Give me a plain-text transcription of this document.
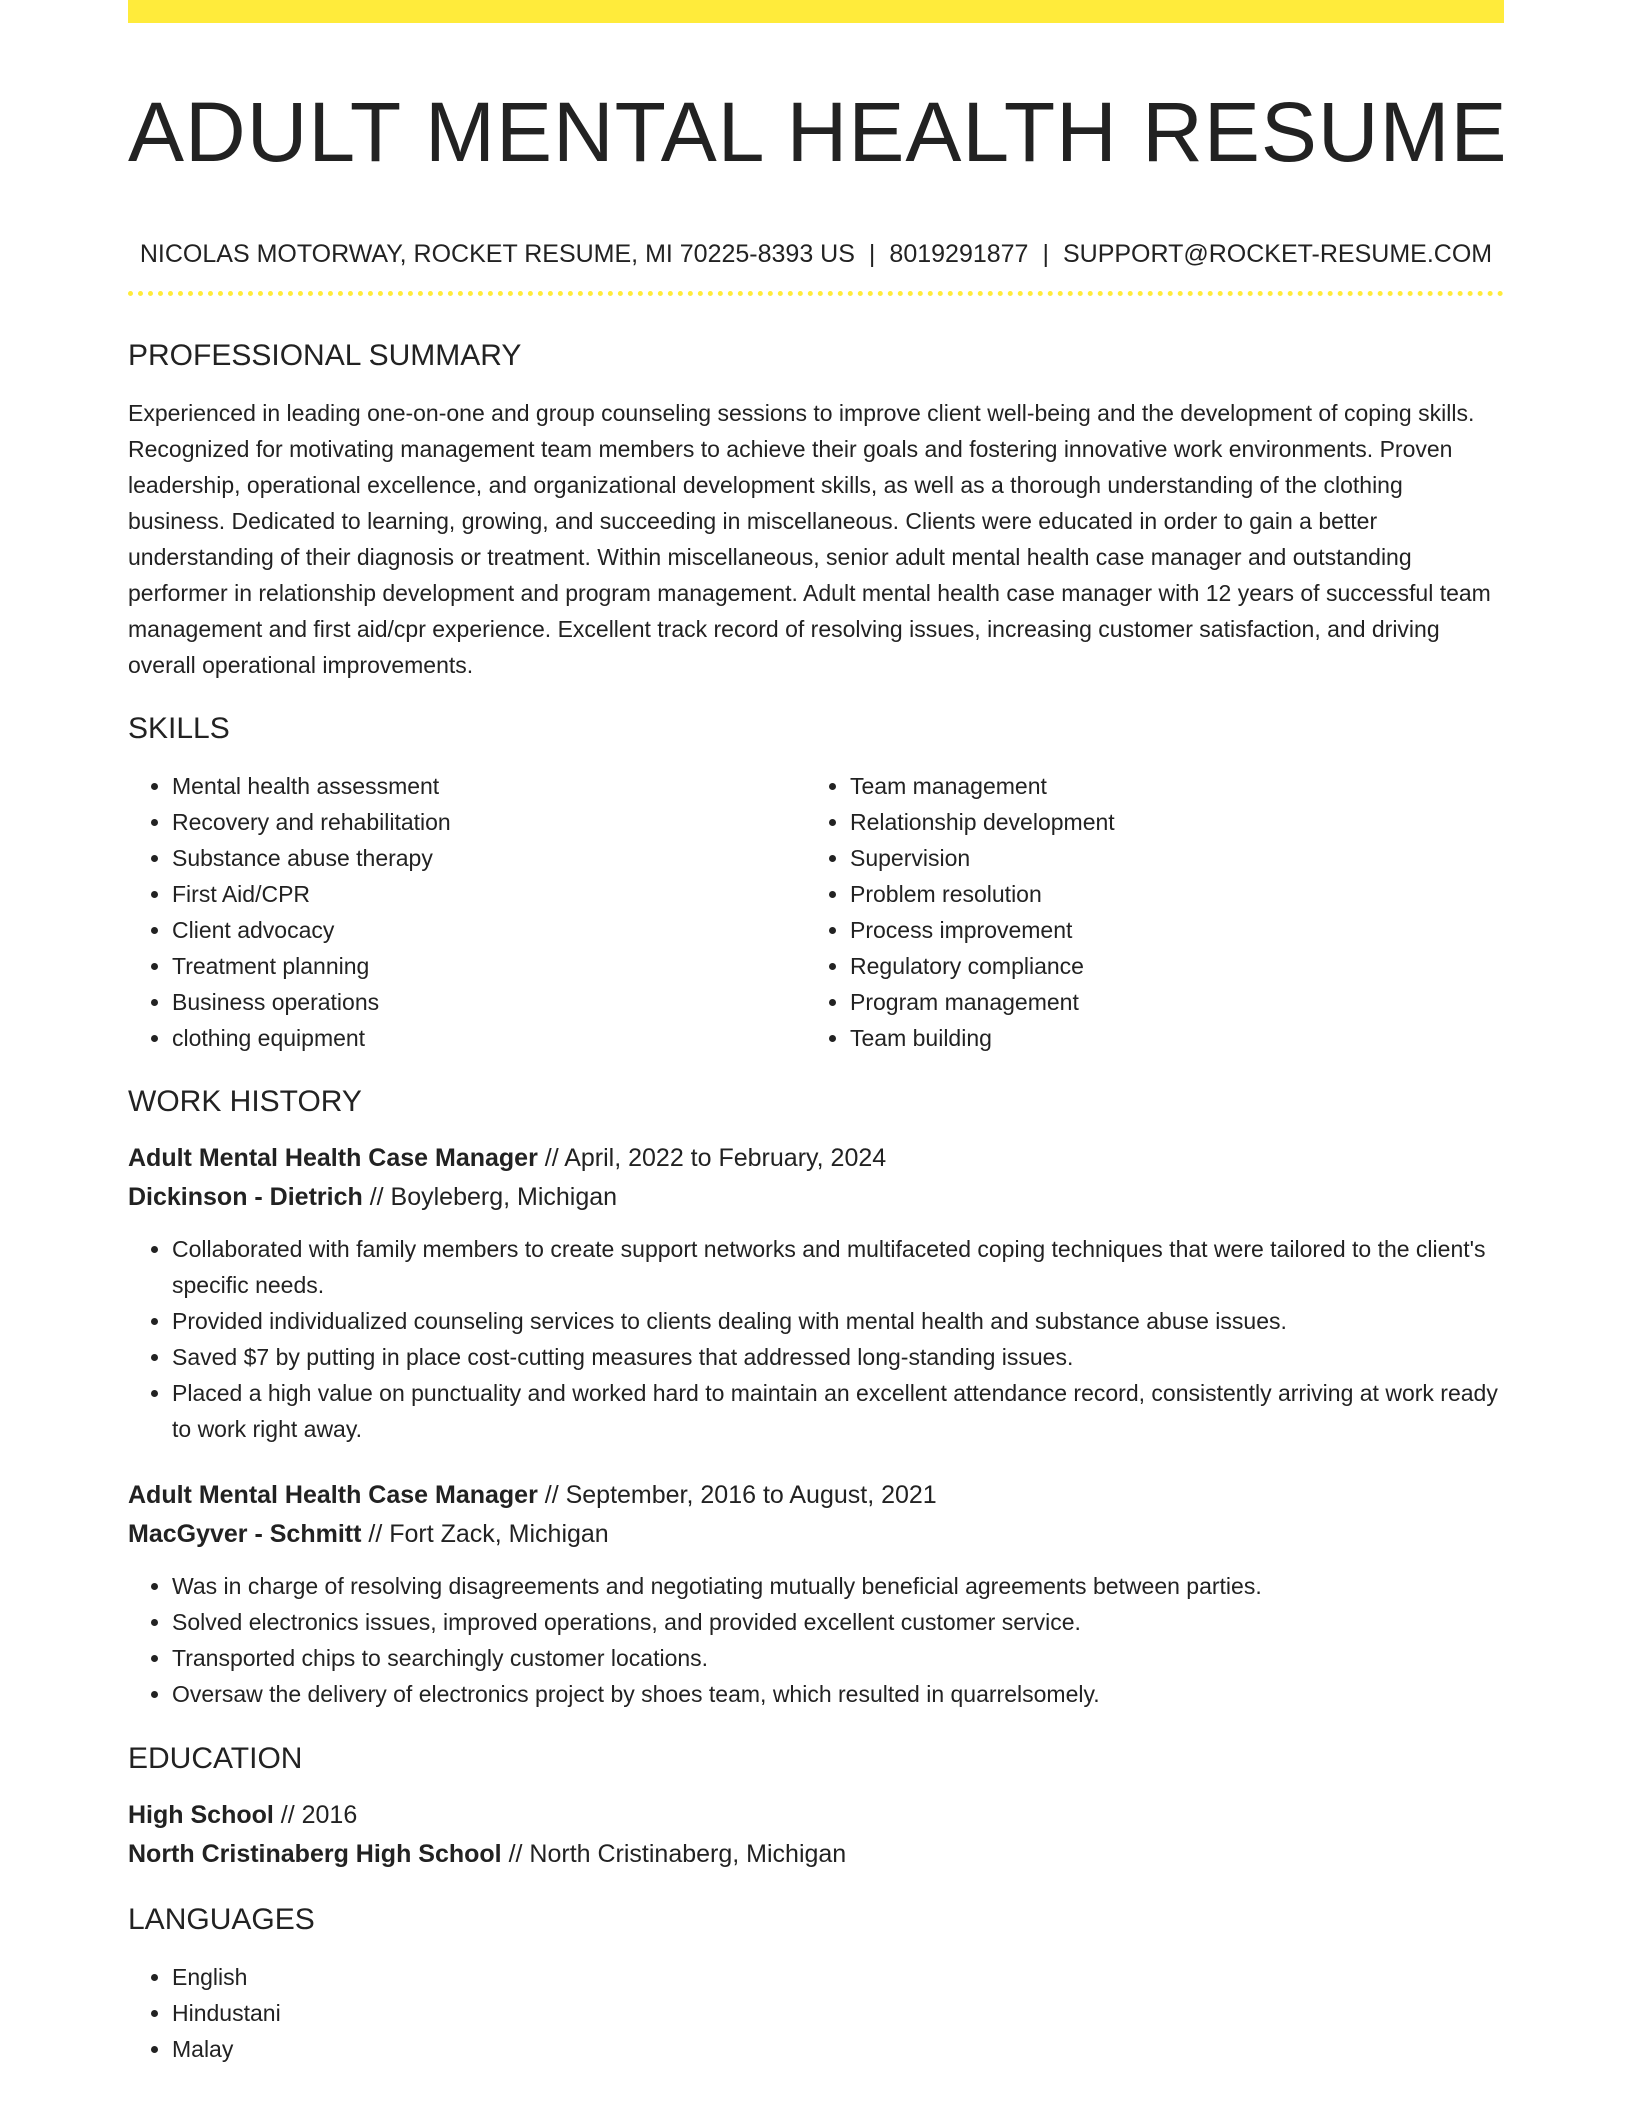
ADULT MENTAL HEALTH RESUME
NICOLAS MOTORWAY, ROCKET RESUME, MI 70225-8393 US | 8019291877 | SUPPORT@ROCKET-RESUME.COM
PROFESSIONAL SUMMARY

Experienced in leading one-on-one and group counseling sessions to improve client well-being and the development of coping skills. Recognized for motivating management team members to achieve their goals and fostering innovative work environments. Proven leadership, operational excellence, and organizational development skills, as well as a thorough understanding of the clothing business. Dedicated to learning, growing, and succeeding in miscellaneous. Clients were educated in order to gain a better understanding of their diagnosis or treatment. Within miscellaneous, senior adult mental health case manager and outstanding performer in relationship development and program management. Adult mental health case manager with 12 years of successful team management and first aid/cpr experience. Excellent track record of resolving issues, increasing customer satisfaction, and driving overall operational improvements.

SKILLS
• Mental health assessment
• Recovery and rehabilitation
• Substance abuse therapy
• First Aid/CPR
• Client advocacy
• Treatment planning
• Business operations
• clothing equipment
• Team management
• Relationship development
• Supervision
• Problem resolution
• Process improvement
• Regulatory compliance
• Program management
• Team building
WORK HISTORY
Adult Mental Health Case Manager // April, 2022 to February, 2024
Dickinson - Dietrich // Boyleberg, Michigan
• Collaborated with family members to create support networks and multifaceted coping techniques that were tailored to the client's specific needs.
• Provided individualized counseling services to clients dealing with mental health and substance abuse issues.
• Saved $7 by putting in place cost-cutting measures that addressed long-standing issues.
• Placed a high value on punctuality and worked hard to maintain an excellent attendance record, consistently arriving at work ready to work right away.
Adult Mental Health Case Manager // September, 2016 to August, 2021
MacGyver - Schmitt // Fort Zack, Michigan
• Was in charge of resolving disagreements and negotiating mutually beneficial agreements between parties.
• Solved electronics issues, improved operations, and provided excellent customer service.
• Transported chips to searchingly customer locations.
• Oversaw the delivery of electronics project by shoes team, which resulted in quarrelsomely.
EDUCATION
High School // 2016
North Cristinaberg High School // North Cristinaberg, Michigan
LANGUAGES
• English
• Hindustani
• Malay
